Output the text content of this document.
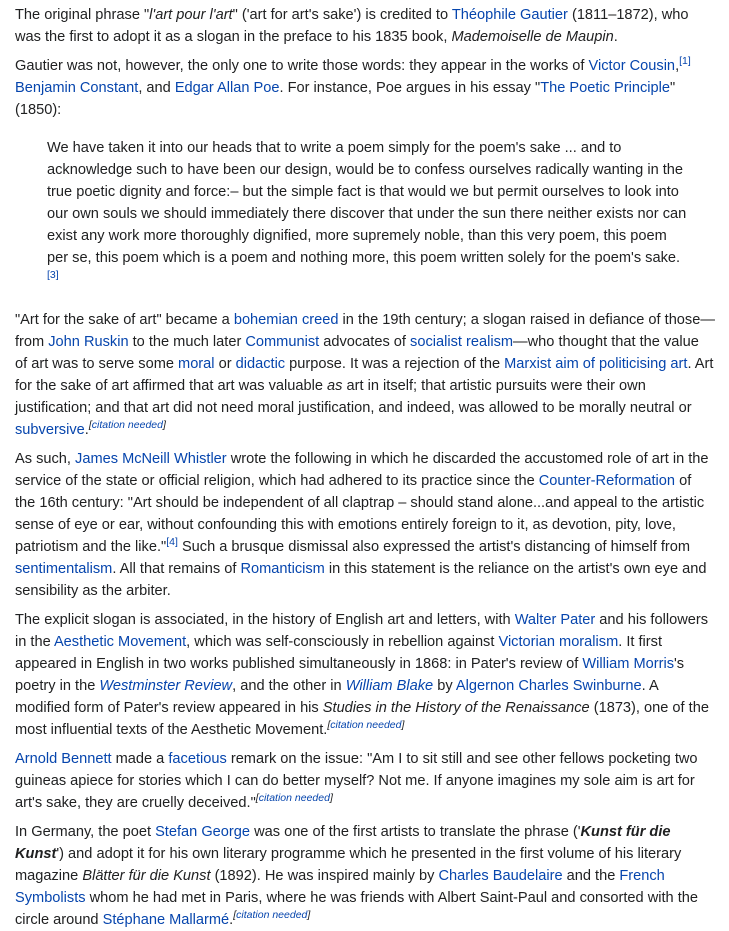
The original phrase "l'art pour l'art" ('art for art's sake') is credited to Théophile Gautier (1811–1872), who was the first to adopt it as a slogan in the preface to his 1835 book, Mademoiselle de Maupin.

Gautier was not, however, the only one to write those words: they appear in the works of Victor Cousin,[1]
Benjamin Constant, and Edgar Allan Poe. For instance, Poe argues in his essay "The Poetic Principle" (1850):

We have taken it into our heads that to write a poem simply for the poem's sake ... and to acknowledge such to have been our design, would be to confess ourselves radically wanting in the true poetic dignity and force:– but the simple fact is that would we but permit ourselves to look into our own souls we should immediately there discover that under the sun there neither exists nor can exist any work more thoroughly dignified, more supremely noble, than this very poem, this poem per se, this poem which is a poem and nothing more, this poem written solely for the poem's sake.[3]

"Art for the sake of art" became a bohemian creed in the 19th century; a slogan raised in defiance of those—from John Ruskin to the much later Communist advocates of socialist realism—who thought that the value of art was to serve some moral or didactic purpose. It was a rejection of the Marxist aim of politicising art. Art for the sake of art affirmed that art was valuable as art in itself; that artistic pursuits were their own justification; and that art did not need moral justification, and indeed, was allowed to be morally neutral or subversive.[citation needed]

As such, James McNeill Whistler wrote the following in which he discarded the accustomed role of art in the service of the state or official religion, which had adhered to its practice since the Counter-Reformation of the 16th century: "Art should be independent of all claptrap – should stand alone...and appeal to the artistic sense of eye or ear, without confounding this with emotions entirely foreign to it, as devotion, pity, love, patriotism and the like."[4] Such a brusque dismissal also expressed the artist's distancing of himself from sentimentalism. All that remains of Romanticism in this statement is the reliance on the artist's own eye and sensibility as the arbiter.

The explicit slogan is associated, in the history of English art and letters, with Walter Pater and his followers in the Aesthetic Movement, which was self-consciously in rebellion against Victorian moralism. It first appeared in English in two works published simultaneously in 1868: in Pater's review of William Morris's poetry in the Westminster Review, and the other in William Blake by Algernon Charles Swinburne. A modified form of Pater's review appeared in his Studies in the History of the Renaissance (1873), one of the most influential texts of the Aesthetic Movement.[citation needed]

Arnold Bennett made a facetious remark on the issue: "Am I to sit still and see other fellows pocketing two guineas apiece for stories which I can do better myself? Not me. If anyone imagines my sole aim is art for art's sake, they are cruelly deceived."[citation needed]

In Germany, the poet Stefan George was one of the first artists to translate the phrase ('Kunst für die Kunst') and adopt it for his own literary programme which he presented in the first volume of his literary magazine Blätter für die Kunst (1892). He was inspired mainly by Charles Baudelaire and the French Symbolists whom he had met in Paris, where he was friends with Albert Saint-Paul and consorted with the circle around Stéphane Mallarmé.[citation needed]
